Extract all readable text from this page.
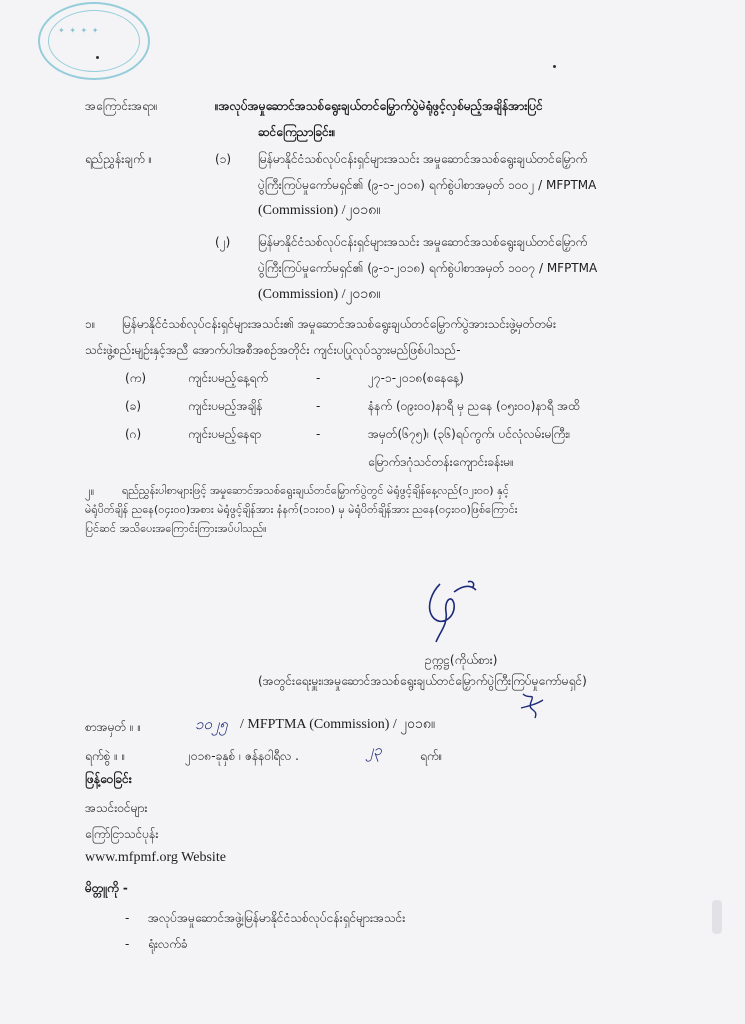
✦ ✦ ✦ ✦
အကြောင်းအရာ။	။အလုပ်အမှုဆောင်အသစ်ရွေးချယ်တင်မြှောက်ပွဲမဲရုံဖွင့်လှစ်မည့်အချိန်အားပြင်
ဆင်ကြေညာခြင်း။
ရည်ညွှန်းချက် ။	(၁) မြန်မာနိုင်ငံသစ်လုပ်ငန်းရှင်များအသင်း အမှုဆောင်အသစ်ရွေးချယ်တင်မြှောက်
ပွဲကြီးကြပ်မှုကော်မရှင်၏ (၉-၁-၂၀၁၈) ရက်စွဲပါစာအမှတ် ၁၀၀၂ / MFPTMA
(Commission) /၂၀၁၈။
(၂) မြန်မာနိုင်ငံသစ်လုပ်ငန်းရှင်များအသင်း အမှုဆောင်အသစ်ရွေးချယ်တင်မြှောက်
ပွဲကြီးကြပ်မှုကော်မရှင်၏ (၉-၁-၂၀၁၈) ရက်စွဲပါစာအမှတ် ၁၀၀၇ / MFPTMA
(Commission) /၂၀၁၈။
၁။ မြန်မာနိုင်ငံသစ်လုပ်ငန်းရှင်များအသင်း၏ အမှုဆောင်အသစ်ရွေးချယ်တင်မြှောက်ပွဲအားသင်းဖွဲ့မှတ်တမ်း
သင်းဖွဲ့စည်းမျဉ်းနှင့်အညီ အောက်ပါအစီအစဉ်အတိုင်း ကျင်းပပြုလုပ်သွားမည်ဖြစ်ပါသည်-
(က)	ကျင်းပမည့်နေ့ရက်	-	၂၇-၁-၂၀၁၈(စနေနေ့)
(ခ)	ကျင်းပမည့်အချိန်	-	နံနက် (၀၉း၀၀)နာရီ မှ ညနေ (၀၅း၀၀)နာရီ အထိ
(ဂ)	ကျင်းပမည့်နေရာ	-	အမှတ်(၆၇၅)၊ (၃၆)ရပ်ကွက်၊ ပင်လုံလမ်းမကြီး၊
မြောက်ဒဂုံသင်တန်းကျောင်းခန်းမ။
၂။ ရည်ညွှန်းပါစာများဖြင့် အမှုဆောင်အသစ်ရွေးချယ်တင်မြှောက်ပွဲတွင် မဲရုံဖွင့်ချိန်နေ့လည်(၁၂း၀၀) နှင့်
မဲရုံပိတ်ချိန် ညနေ(၀၄း၀၀)အစား မဲရုံဖွင့်ချိန်အား နံနက်(၁၁း၀၀) မှ မဲရုံပိတ်ချိန်အား ညနေ(၀၄း၀၀)ဖြစ်ကြောင်း
ပြင်ဆင် အသိပေးအကြောင်းကြားအပ်ပါသည်။
ဥက္ကဋ္ဌ(ကိုယ်စား)
(အတွင်းရေးမှူး၊အမှုဆောင်အသစ်ရွေးချယ်တင်မြှောက်ပွဲကြီးကြပ်မှုကော်မရှင်)
စာအမှတ် ။ ။	၁၀၂၅ / MFPTMA (Commission) / ၂၀၁၈။
ရက်စွဲ ။ ။	၂၀၁၈-ခုနှစ် ၊ ဇန်နဝါရီလ .	၂၃	ရက်။
ဖြန့်ဝေခြင်း
အသင်းဝင်များ
ကြော်ငြာသင်ပုန်း
www.mfpmf.org Website
မိတ္တူကို -
- အလုပ်အမှုဆောင်အဖွဲ့၊မြန်မာနိုင်ငံသစ်လုပ်ငန်းရှင်များအသင်း
- ရုံးလက်ခံ
